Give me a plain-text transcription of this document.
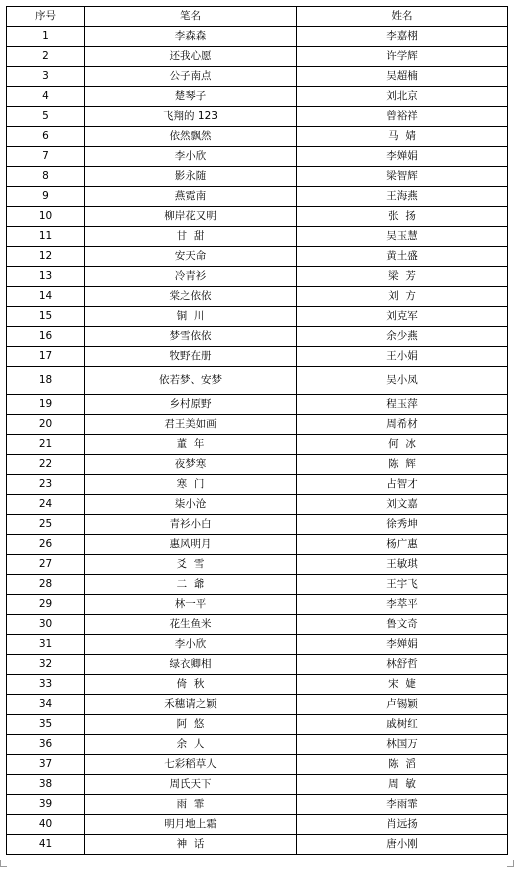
序号	笔名	姓名
1	李森森	李嘉栩
2	还我心愿	许学辉
3	公子南点	吴超楠
4	楚琴子	刘北京
5	飞翔的 123	曾裕祥
6	依然飘然	马  婧
7	李小欣	李婵娟
8	影永随	梁智辉
9	燕霓南	王海燕
10	柳岸花又明	张  扬
11	甘  甜	吴玉慧
12	安天命	黄土盛
13	冷青衫	梁  芳
14	棠之依依	刘  方
15	铜  川	刘克军
16	梦雪依依	余少燕
17	牧野在册	王小娟
18	依若梦、安梦	吴小凤
19	乡村原野	程玉萍
20	君王美如画	周希材
21	董  年	何  冰
22	夜梦寒	陈  辉
23	寒  门	占智才
24	柒小沧	刘文嘉
25	青衫小白	徐秀坤
26	惠风明月	杨广惠
27	爻  雪	王敏琪
28	二  爺	王宇飞
29	林一平	李萃平
30	花生鱼米	鲁文奇
31	李小欣	李婵娟
32	绿衣卿相	林舒哲
33	倚  秋	宋  婕
34	禾穗请之颖	卢锡颖
35	阿  悠	戚树红
36	余  人	林国万
37	七彩稻草人	陈  滔
38	周氏天下	周  敏
39	雨  霏	李雨霏
40	明月地上霜	肖远扬
41	神  话	唐小刚
